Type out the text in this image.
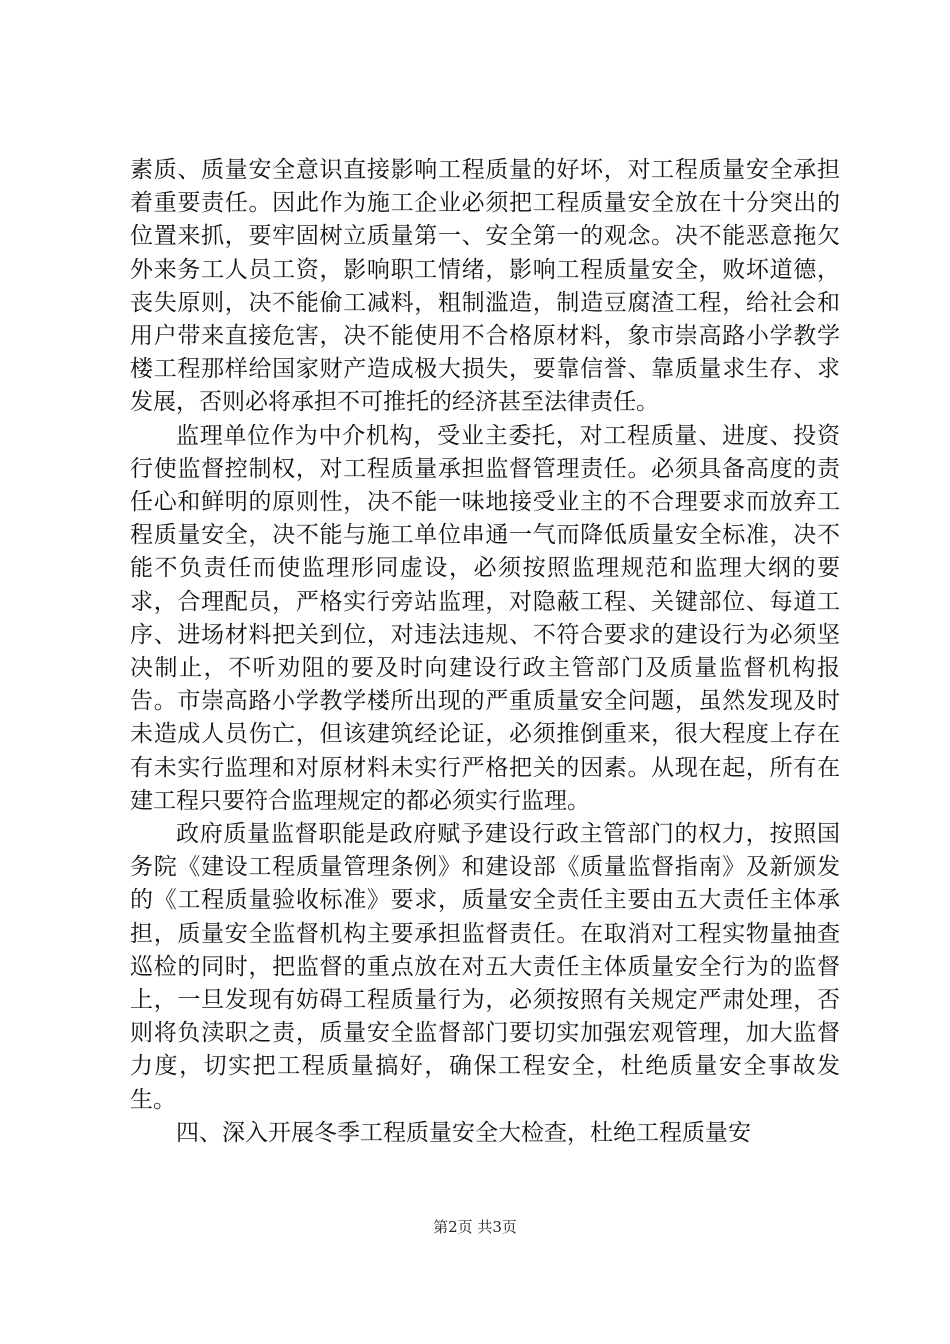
素质、质量安全意识直接影响工程质量的好坏，对工程质量安全承担着重要责任。因此作为施工企业必须把工程质量安全放在十分突出的位置来抓，要牢固树立质量第一、安全第一的观念。决不能恶意拖欠外来务工人员工资，影响职工情绪，影响工程质量安全，败坏道德，丧失原则，决不能偷工减料，粗制滥造，制造豆腐渣工程，给社会和用户带来直接危害，决不能使用不合格原材料，象市崇高路小学教学楼工程那样给国家财产造成极大损失，要靠信誉、靠质量求生存、求发展，否则必将承担不可推托的经济甚至法律责任。

监理单位作为中介机构，受业主委托，对工程质量、进度、投资行使监督控制权，对工程质量承担监督管理责任。必须具备高度的责任心和鲜明的原则性，决不能一味地接受业主的不合理要求而放弃工程质量安全，决不能与施工单位串通一气而降低质量安全标准，决不能不负责任而使监理形同虚设，必须按照监理规范和监理大纲的要求，合理配员，严格实行旁站监理，对隐蔽工程、关键部位、每道工序、进场材料把关到位，对违法违规、不符合要求的建设行为必须坚决制止，不听劝阻的要及时向建设行政主管部门及质量监督机构报告。市崇高路小学教学楼所出现的严重质量安全问题，虽然发现及时未造成人员伤亡，但该建筑经论证，必须推倒重来，很大程度上存在有未实行监理和对原材料未实行严格把关的因素。从现在起，所有在建工程只要符合监理规定的都必须实行监理。

政府质量监督职能是政府赋予建设行政主管部门的权力，按照国务院《建设工程质量管理条例》和建设部《质量监督指南》及新颁发的《工程质量验收标准》要求，质量安全责任主要由五大责任主体承担，质量安全监督机构主要承担监督责任。在取消对工程实物量抽查巡检的同时，把监督的重点放在对五大责任主体质量安全行为的监督上，一旦发现有妨碍工程质量行为，必须按照有关规定严肃处理，否则将负渎职之责，质量安全监督部门要切实加强宏观管理，加大监督力度，切实把工程质量搞好，确保工程安全，杜绝质量安全事故发生。

四、深入开展冬季工程质量安全大检查，杜绝工程质量安

第2页 共3页
